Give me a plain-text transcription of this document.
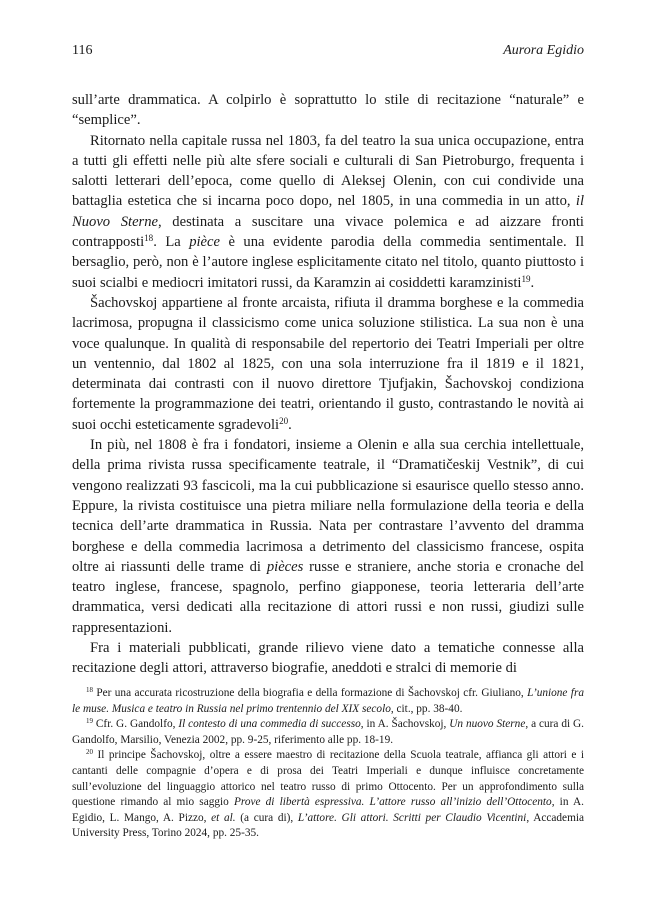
116	Aurora Egidio

sull’arte drammatica. A colpirlo è soprattutto lo stile di recitazione “naturale” e “semplice”.

Ritornato nella capitale russa nel 1803, fa del teatro la sua unica occupazione, entra a tutti gli effetti nelle più alte sfere sociali e culturali di San Pietroburgo, frequenta i salotti letterari dell’epoca, come quello di Aleksej Olenin, con cui condivide una battaglia estetica che si incarna poco dopo, nel 1805, in una commedia in un atto, il Nuovo Sterne, destinata a suscitare una vivace polemica e ad aizzare fronti contrapposti$^{18}$. La pièce è una evidente parodia della commedia sentimentale. Il bersaglio, però, non è l’autore inglese esplicitamente citato nel titolo, quanto piuttosto i suoi scialbi e mediocri imitatori russi, da Karamzin ai cosiddetti karamzinisti$^{19}$.

Šachovskoj appartiene al fronte arcaista, rifiuta il dramma borghese e la commedia lacrimosa, propugna il classicismo come unica soluzione stilistica. La sua non è una voce qualunque. In qualità di responsabile del repertorio dei Teatri Imperiali per oltre un ventennio, dal 1802 al 1825, con una sola interruzione fra il 1819 e il 1821, determinata dai contrasti con il nuovo direttore Tjufjakin, Šachovskoj condiziona fortemente la programmazione dei teatri, orientando il gusto, contrastando le novità ai suoi occhi esteticamente sgradevoli$^{20}$.

In più, nel 1808 è fra i fondatori, insieme a Olenin e alla sua cerchia intellettuale, della prima rivista russa specificamente teatrale, il “Dramatičeskij Vestnik”, di cui vengono realizzati 93 fascicoli, ma la cui pubblicazione si esaurisce quello stesso anno. Eppure, la rivista costituisce una pietra miliare nella formulazione della teoria e della tecnica dell’arte drammatica in Russia. Nata per contrastare l’avvento del dramma borghese e della commedia lacrimosa a detrimento del classicismo francese, ospita oltre ai riassunti delle trame di pièces russe e straniere, anche storia e cronache del teatro inglese, francese, spagnolo, perfino giapponese, teoria letteraria dell’arte drammatica, versi dedicati alla recitazione di attori russi e non russi, giudizi sulle rappresentazioni.

Fra i materiali pubblicati, grande rilievo viene dato a tematiche connesse alla recitazione degli attori, attraverso biografie, aneddoti e stralci di memorie di

$^{18}$ Per una accurata ricostruzione della biografia e della formazione di Šachovskoj cfr. Giuliano, L’unione fra le muse. Musica e teatro in Russia nel primo trentennio del XIX secolo, cit., pp. 38-40.

$^{19}$ Cfr. G. Gandolfo, Il contesto di una commedia di successo, in A. Šachovskoj, Un nuovo Sterne, a cura di G. Gandolfo, Marsilio, Venezia 2002, pp. 9-25, riferimento alle pp. 18-19.

$^{20}$ Il principe Šachovskoj, oltre a essere maestro di recitazione della Scuola teatrale, affianca gli attori e i cantanti delle compagnie d’opera e di prosa dei Teatri Imperiali e dunque influisce concretamente sull’evoluzione del linguaggio attorico nel teatro russo di primo Ottocento. Per un approfondimento sulla questione rimando al mio saggio Prove di libertà espressiva. L’attore russo all’inizio dell’Ottocento, in A. Egidio, L. Mango, A. Pizzo, et al. (a cura di), L’attore. Gli attori. Scritti per Claudio Vicentini, Accademia University Press, Torino 2024, pp. 25-35.
